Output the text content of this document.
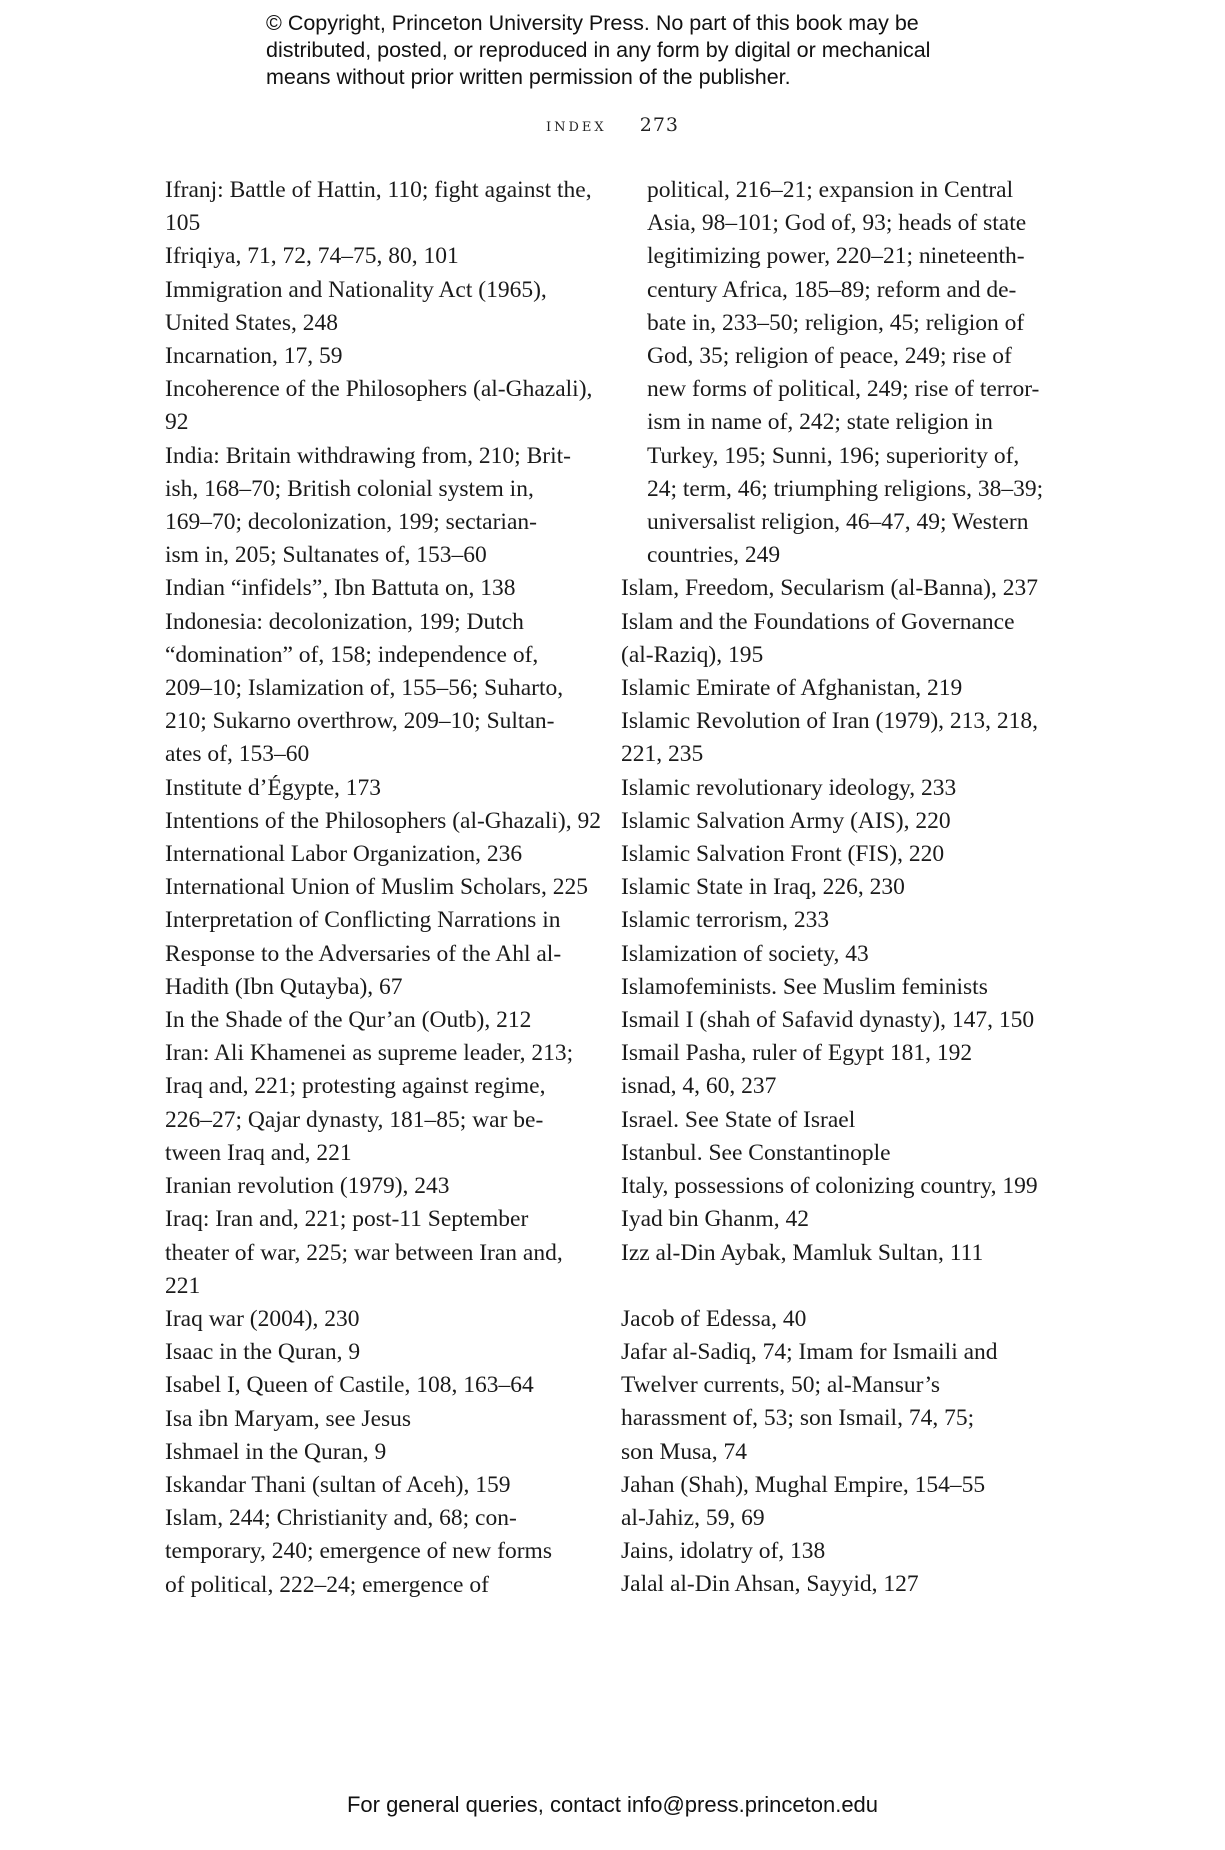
© Copyright, Princeton University Press. No part of this book may be
distributed, posted, or reproduced in any form by digital or mechanical
means without prior written permission of the publisher.
index 273

Ifranj: Battle of Hattin, 110; fight against the,
105

Ifriqiya, 71, 72, 74–75, 80, 101

Immigration and Nationality Act (1965),
United States, 248

Incarnation, 17, 59

Incoherence of the Philosophers (al-Ghazali),
92

India: Britain withdrawing from, 210; Brit-
ish, 168–70; British colonial system in,
169–70; decolonization, 199; sectarian-
ism in, 205; Sultanates of, 153–60

Indian “infidels”, Ibn Battuta on, 138

Indonesia: decolonization, 199; Dutch
“domination” of, 158; independence of,
209–10; Islamization of, 155–56; Suharto,
210; Sukarno overthrow, 209–10; Sultan-
ates of, 153–60

Institute d’Égypte, 173

Intentions of the Philosophers (al-Ghazali), 92

International Labor Organization, 236

International Union of Muslim Scholars, 225

Interpretation of Conflicting Narrations in
Response to the Adversaries of the Ahl al-
Hadith (Ibn Qutayba), 67

In the Shade of the Qur’an (Outb), 212

Iran: Ali Khamenei as supreme leader, 213;
Iraq and, 221; protesting against regime,
226–27; Qajar dynasty, 181–85; war be-
tween Iraq and, 221

Iranian revolution (1979), 243

Iraq: Iran and, 221; post-11 September
theater of war, 225; war between Iran and,
221

Iraq war (2004), 230

Isaac in the Quran, 9

Isabel I, Queen of Castile, 108, 163–64

Isa ibn Maryam, see Jesus

Ishmael in the Quran, 9

Iskandar Thani (sultan of Aceh), 159

Islam, 244; Christianity and, 68; con-
temporary, 240; emergence of new forms
of political, 222–24; emergence of

political, 216–21; expansion in Central
Asia, 98–101; God of, 93; heads of state
legitimizing power, 220–21; nineteenth-
century Africa, 185–89; reform and de-
bate in, 233–50; religion, 45; religion of
God, 35; religion of peace, 249; rise of
new forms of political, 249; rise of terror-
ism in name of, 242; state religion in
Turkey, 195; Sunni, 196; superiority of,
24; term, 46; triumphing religions, 38–39;
universalist religion, 46–47, 49; Western
countries, 249

Islam, Freedom, Secularism (al-Banna), 237

Islam and the Foundations of Governance
(al-Raziq), 195

Islamic Emirate of Afghanistan, 219

Islamic Revolution of Iran (1979), 213, 218,
221, 235

Islamic revolutionary ideology, 233

Islamic Salvation Army (AIS), 220

Islamic Salvation Front (FIS), 220

Islamic State in Iraq, 226, 230

Islamic terrorism, 233

Islamization of society, 43

Islamofeminists. See Muslim feminists

Ismail I (shah of Safavid dynasty), 147, 150

Ismail Pasha, ruler of Egypt 181, 192

isnad, 4, 60, 237

Israel. See State of Israel

Istanbul. See Constantinople

Italy, possessions of colonizing country, 199

Iyad bin Ghanm, 42

Izz al-Din Aybak, Mamluk Sultan, 111

Jacob of Edessa, 40

Jafar al-Sadiq, 74; Imam for Ismaili and
Twelver currents, 50; al-Mansur’s
harassment of, 53; son Ismail, 74, 75;
son Musa, 74

Jahan (Shah), Mughal Empire, 154–55

al-Jahiz, 59, 69

Jains, idolatry of, 138

Jalal al-Din Ahsan, Sayyid, 127

For general queries, contact info@press.princeton.edu
